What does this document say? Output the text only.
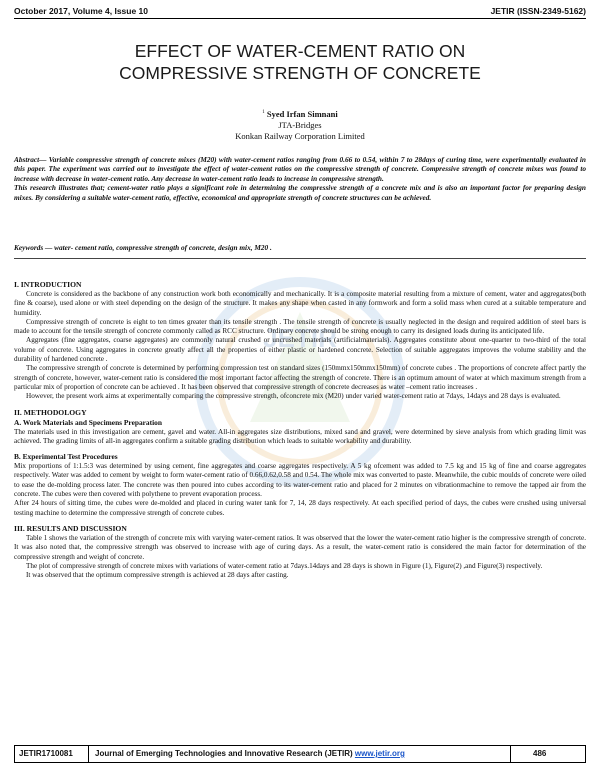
October 2017, Volume 4, Issue 10	JETIR (ISSN-2349-5162)
EFFECT OF WATER-CEMENT RATIO ON
COMPRESSIVE STRENGTH OF CONCRETE
$^1$ Syed Irfan Simnani
JTA-Bridges
Konkan Railway Corporation Limited

Abstract— Variable compressive strength of concrete mixes (M20) with water-cement ratios ranging from 0.66 to 0.54, within 7 to 28days of curing time, were experimentally evaluated in this paper. The experiment was carried out to investigate the effect of water-cement ratios on the compressive strength of concrete. Compressive strength of concrete mixes was found to increase with decrease in water-cement ratio. Any decrease in water-cement ratio leads to increase in compressive strength.

This research illustrates that; cement-water ratio plays a significant role in determining the compressive strength of a concrete mix and is also an important factor for preparing design mixes. By considering a suitable water-cement ratio, effective, economical and appropriate strength of concrete structures can be achieved.

Keywords — water- cement ratio, compressive strength of concrete, design mix, M20 .
JETIR
I. INTRODUCTION

Concrete is considered as the backbone of any construction work both economically and mechanically. It is a composite material resulting from a mixture of cement, water and aggregates(both fine & coarse), used alone or with steel depending on the design of the structure. It makes any shape when casted in any formwork and form a solid mass when cured at a suitable temperature and humidity.

Compressive strength of concrete is eight to ten times greater than its tensile strength . The tensile strength of concrete is usually neglected in the design and required addition of steel bars is made to account for the tensile strength of concrete commonly called as RCC structure. Ordinary concrete should be strong enough to carry its designed loads during its anticipated life.

Aggregates (fine aggregates, coarse aggregates) are commonly natural crushed or uncrushed materials (artificialmaterials). Aggregates constitute about one-quarter to two-third of the total volume of concrete. Using aggregates in concrete greatly affect all the properties of either plastic or hardened concrete. Selection of suitable aggregates improves the volume stability and the durability of hardened concrete .

The compressive strength of concrete is determined by performing compression test on standard sizes (150mmx150mmx150mm) of concrete cubes . The proportions of concrete affect partly the strength of concrete, however, water-cement ratio is considered the most important factor affecting the strength of concrete. There is an optimum amount of water at which maximum strength from a particular mix of proportion of concrete can be achieved . It has been observed that compressive strength of concrete decreases as water –cement ratio increases .

However, the present work aims at experimentally comparing the compressive strength, ofconcrete mix (M20) under varied water-cement ratio at 7days, 14days and 28 days is evaluated.

II. METHODOLOGY
A. Work Materials and Specimens Preparation

The materials used in this investigation are cement, gavel and water. All-in aggregates size distributions, mixed sand and gravel, were determined by sieve analysis from which grading limit was achieved. The grading limits of all-in aggregates confirm a suitable grading distribution which leads to suitable workability and durability.

B. Experimental Test Procedures

Mix proportions of 1:1.5:3 was determined by using cement, fine aggregates and coarse aggregates respectively. A 5 kg ofcement was added to 7.5 kg and 15 kg of fine and coarse aggregates respectively. Water was added to cement by weight to form water-cement ratio of 0.66,0.62,0.58 and 0.54. The whole mix was converted to paste. Meanwhile, the cubic moulds of concrete were oiled to ease the de-molding process later. The concrete was then poured into cubes according to its water-cement ratio and placed for 2 minutes on vibrationmachine to remove the tapped air from the concrete. The cubes were then covered with polythene to prevent evaporation process.

After 24 hours of sitting time, the cubes were de-molded and placed in curing water tank for 7, 14, 28 days respectively. At each specified period of days, the cubes were crushed using universal testing machine to determine the compressive strength of concrete cubes.

III. RESULTS AND DISCUSSION

Table 1 shows the variation of the strength of concrete mix with varying water-cement ratios. It was observed that the lower the water-cement ratio higher is the compressive strength of concrete. It was also noted that, the compressive strength was observed to increase with age of curing days. As a result, the water-cement ratio is considered the main factor for determination of the compressive strength and weight of concrete.

The plot of compressive strength of concrete mixes with variations of water-cement ratio at 7days.14days and 28 days is shown in Figure (1), Figure(2) ,and Figure(3) respectively.

It was observed that the optimum compressive strength is achieved at 28 days after casting.

JETIR1710081	Journal of Emerging Technologies and Innovative Research (JETIR) www.jetir.org	486
